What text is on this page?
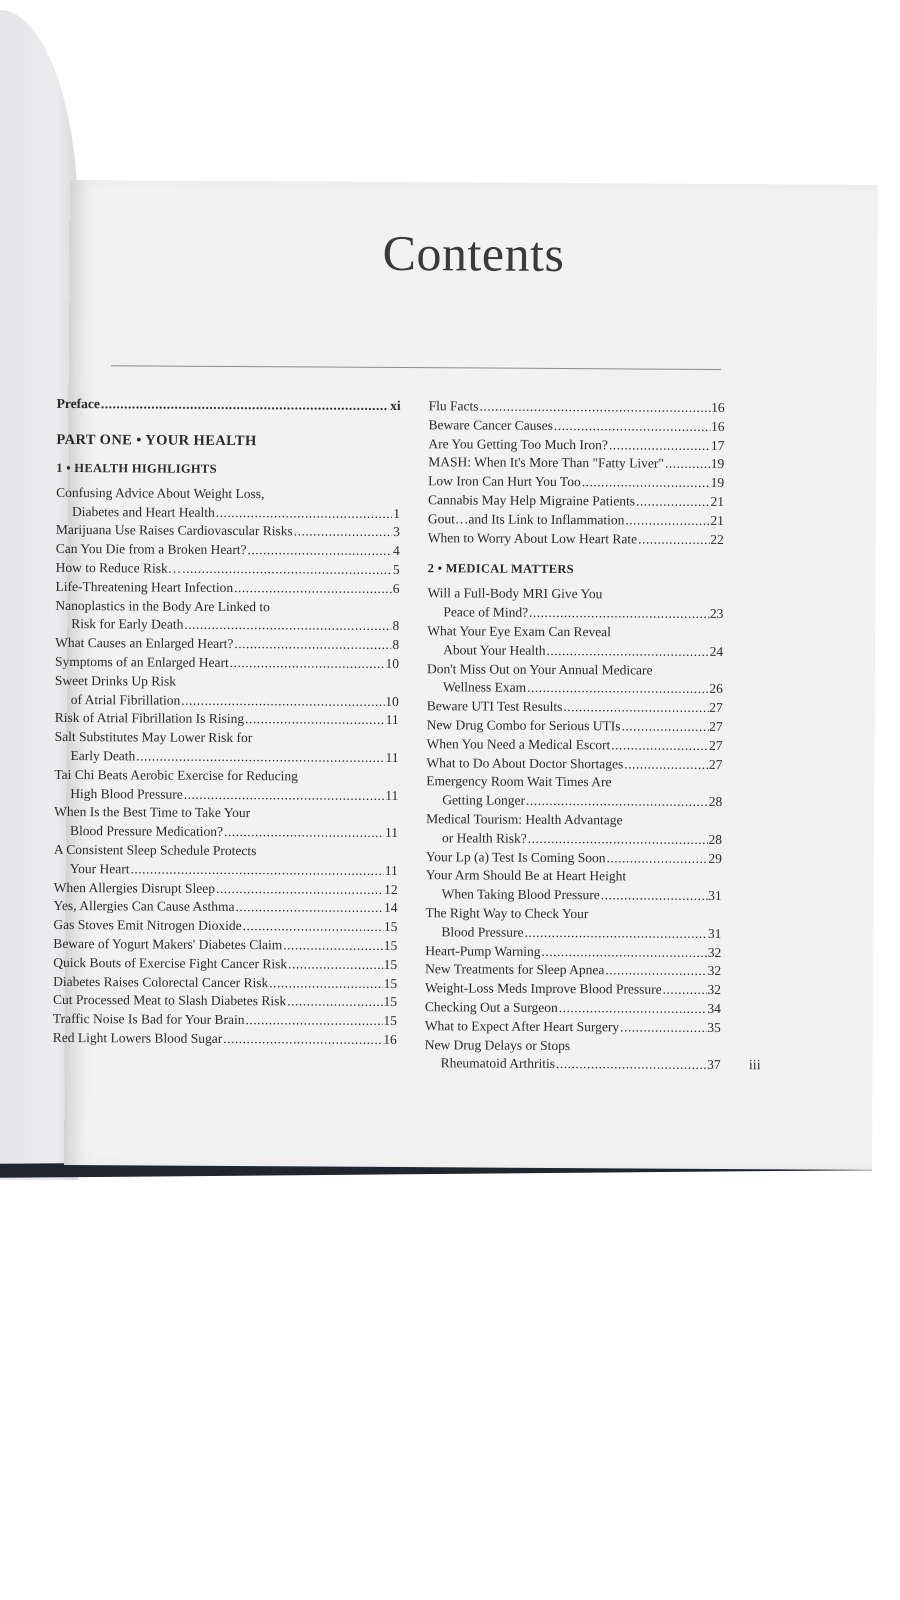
Contents
Preface .....	xi
PART ONE • YOUR HEALTH
1 • HEALTH HIGHLIGHTS
Confusing Advice About Weight Loss,
Diabetes and Heart Health .....	1
Marijuana Use Raises Cardiovascular Risks .....	3
Can You Die from a Broken Heart? .....	4
How to Reduce Risk… .....	5
Life-Threatening Heart Infection .....	6
Nanoplastics in the Body Are Linked to
Risk for Early Death .....	8
What Causes an Enlarged Heart? .....	8
Symptoms of an Enlarged Heart .....	10
Sweet Drinks Up Risk
of Atrial Fibrillation .....	10
Risk of Atrial Fibrillation Is Rising .....	11
Salt Substitutes May Lower Risk for
Early Death .....	11
Tai Chi Beats Aerobic Exercise for Reducing
High Blood Pressure .....	11
When Is the Best Time to Take Your
Blood Pressure Medication? .....	11
A Consistent Sleep Schedule Protects
Your Heart .....	11
When Allergies Disrupt Sleep .....	12
Yes, Allergies Can Cause Asthma .....	14
Gas Stoves Emit Nitrogen Dioxide .....	15
Beware of Yogurt Makers' Diabetes Claim .....	15
Quick Bouts of Exercise Fight Cancer Risk .....	15
Diabetes Raises Colorectal Cancer Risk .....	15
Cut Processed Meat to Slash Diabetes Risk .....	15
Traffic Noise Is Bad for Your Brain .....	15
Red Light Lowers Blood Sugar .....	16
Flu Facts .....	16
Beware Cancer Causes .....	16
Are You Getting Too Much Iron? .....	17
MASH: When It's More Than "Fatty Liver" .....	19
Low Iron Can Hurt You Too .....	19
Cannabis May Help Migraine Patients .....	21
Gout…and Its Link to Inflammation .....	21
When to Worry About Low Heart Rate .....	22
2 • MEDICAL MATTERS
Will a Full-Body MRI Give You
Peace of Mind? .....	23
What Your Eye Exam Can Reveal
About Your Health .....	24
Don't Miss Out on Your Annual Medicare
Wellness Exam .....	26
Beware UTI Test Results .....	27
New Drug Combo for Serious UTIs .....	27
When You Need a Medical Escort .....	27
What to Do About Doctor Shortages .....	27
Emergency Room Wait Times Are
Getting Longer .....	28
Medical Tourism: Health Advantage
or Health Risk? .....	28
Your Lp (a) Test Is Coming Soon .....	29
Your Arm Should Be at Heart Height
When Taking Blood Pressure .....	31
The Right Way to Check Your
Blood Pressure .....	31
Heart-Pump Warning .....	32
New Treatments for Sleep Apnea .....	32
Weight-Loss Meds Improve Blood Pressure .....	32
Checking Out a Surgeon .....	34
What to Expect After Heart Surgery .....	35
New Drug Delays or Stops
Rheumatoid Arthritis .....	37 iii
